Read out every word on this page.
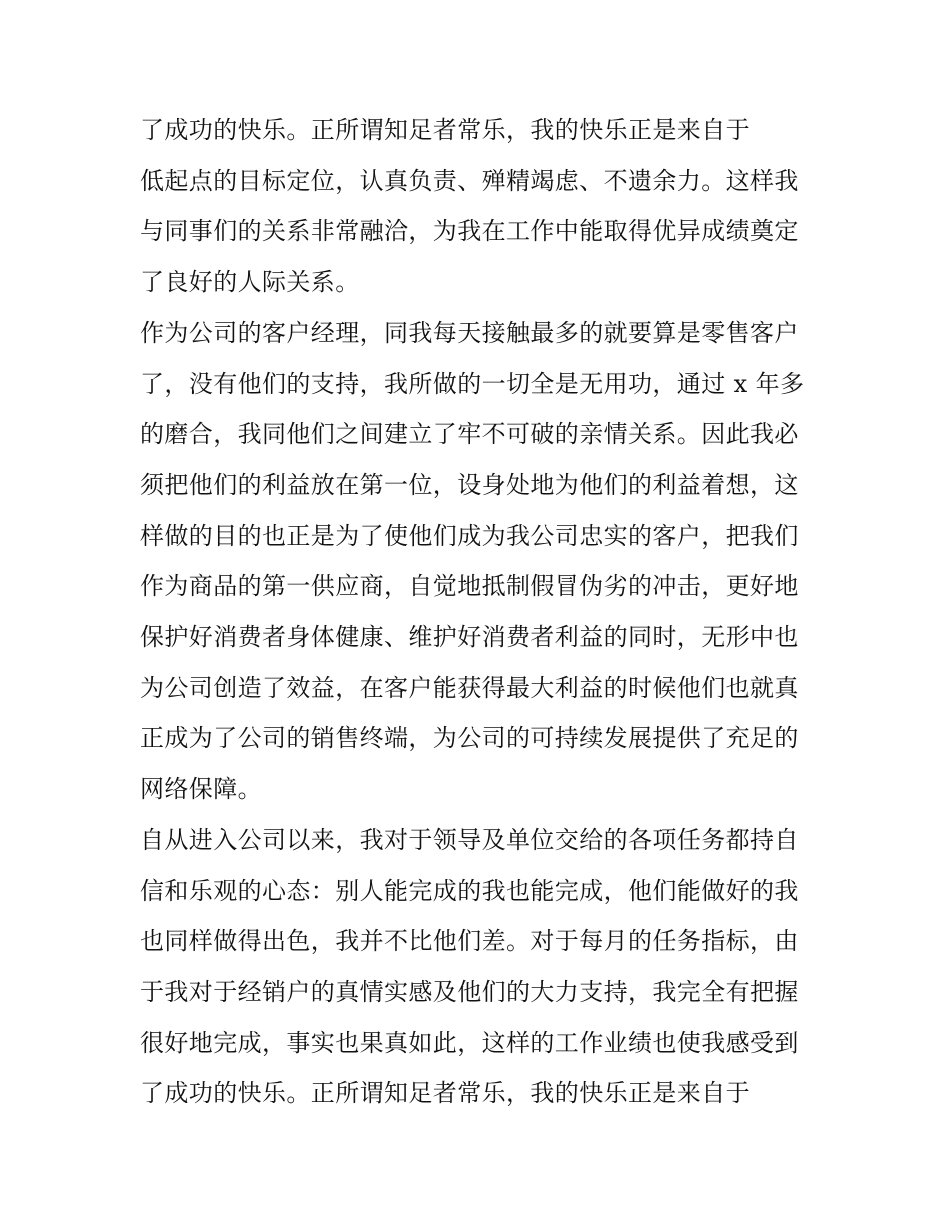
了成功的快乐。正所谓知足者常乐，我的快乐正是来自于
低起点的目标定位，认真负责、殚精竭虑、不遗余力。这样我
与同事们的关系非常融洽，为我在工作中能取得优异成绩奠定
了良好的人际关系。
作为公司的客户经理，同我每天接触最多的就要算是零售客户
了，没有他们的支持，我所做的一切全是无用功，通过 x 年多
的磨合，我同他们之间建立了牢不可破的亲情关系。因此我必
须把他们的利益放在第一位，设身处地为他们的利益着想，这
样做的目的也正是为了使他们成为我公司忠实的客户，把我们
作为商品的第一供应商，自觉地抵制假冒伪劣的冲击，更好地
保护好消费者身体健康、维护好消费者利益的同时，无形中也
为公司创造了效益，在客户能获得最大利益的时候他们也就真
正成为了公司的销售终端，为公司的可持续发展提供了充足的
网络保障。
自从进入公司以来，我对于领导及单位交给的各项任务都持自
信和乐观的心态：别人能完成的我也能完成，他们能做好的我
也同样做得出色，我并不比他们差。对于每月的任务指标，由
于我对于经销户的真情实感及他们的大力支持，我完全有把握
很好地完成，事实也果真如此，这样的工作业绩也使我感受到
了成功的快乐。正所谓知足者常乐，我的快乐正是来自于
